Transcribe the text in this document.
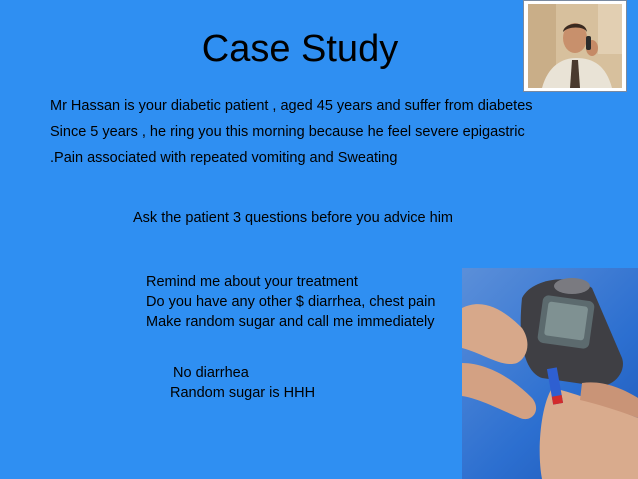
Case Study
Mr Hassan is your diabetic patient , aged 45 years and suffer from diabetes
Since 5 years , he ring you this morning because he feel severe epigastric
.Pain associated with repeated vomiting and Sweating
Ask the patient 3 questions before you advice him
Remind me about your treatment
Do you have any other $ diarrhea, chest pain
Make random sugar and call me immediately
No diarrhea
Random sugar is HHH
